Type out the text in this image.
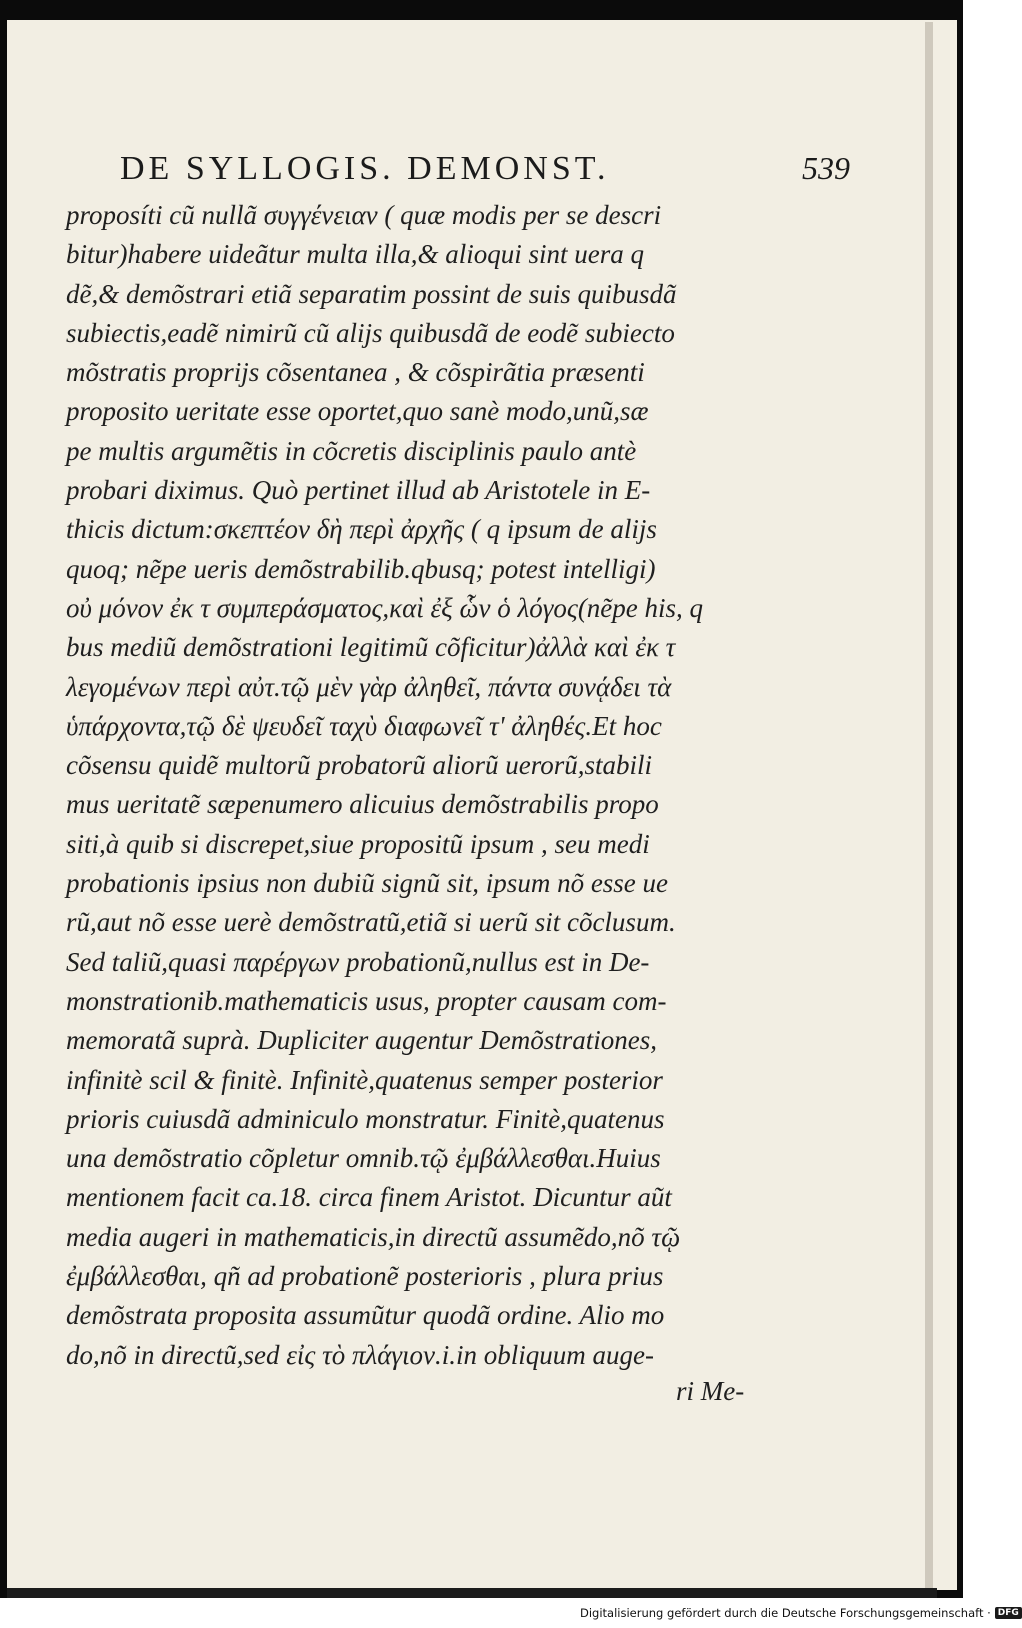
DE SYLLOGIS. DEMONST.	539
proposíti cũ nullã συγγένειαν ( quæ modis per se descri
bitur)habere uideãtur multa illa,& alioqui sint uera q
dẽ,& demõstrari etiã separatim possint de suis quibusdã
subiectis,eadẽ nimirũ cũ alijs quibusdã de eodẽ subiecto
mõstratis proprijs cõsentanea , & cõspirãtia præsenti
proposito ueritate esse oportet,quo sanè modo,unũ,sæ
pe multis argumẽtis in cõcretis disciplinis paulo antè
probari diximus. Quò pertinet illud ab Aristotele in E-
thicis dictum:σκεπτέον δὴ περὶ ἀρχῆς ( q ipsum de alijs
quoq; nẽpe ueris demõstrabilib.qbusq; potest intelligi)
οὐ μόνον ἐκ τ συμπεράσματος,καὶ ἐξ ὧν ὁ λόγος(nẽpe his, q
bus mediũ demõstrationi legitimũ cõficitur)ἀλλὰ καὶ ἐκ τ
λεγομένων περὶ αὐτ.τῷ μὲν γὰρ ἀληθεῖ, πάντα συνᾴδει τὰ
ὑπάρχοντα,τῷ δὲ ψευδεῖ ταχὺ διαφωνεῖ τ' ἀληθές.Et hoc
cõsensu quidẽ multorũ probatorũ aliorũ uerorũ,stabili
mus ueritatẽ sæpenumero alicuius demõstrabilis propo
siti,à quib si discrepet,siue propositũ ipsum , seu medi
probationis ipsius non dubiũ signũ sit, ipsum nõ esse ue
rũ,aut nõ esse uerè demõstratũ,etiã si uerũ sit cõclusum.
Sed taliũ,quasi παρέργων probationũ,nullus est in De-
monstrationib.mathematicis usus, propter causam com-
memoratã suprà. Dupliciter augentur Demõstrationes,
infinitè scil & finitè. Infinitè,quatenus semper posterior
prioris cuiusdã adminiculo monstratur. Finitè,quatenus
una demõstratio cõpletur omnib.τῷ ἐμβάλλεσθαι.Huius
mentionem facit ca.18. circa finem Aristot. Dicuntur aũt
media augeri in mathematicis,in directũ assumẽdo,nõ τῷ
ἐμβάλλεσθαι, qñ ad probationẽ posterioris , plura prius
demõstrata proposita assumũtur quodã ordine. Alio mo
do,nõ in directũ,sed εἰς τὸ πλάγιον.i.in obliquum auge-
ri Me-
Digitalisierung gefördert durch die Deutsche Forschungsgemeinschaft · DFG
